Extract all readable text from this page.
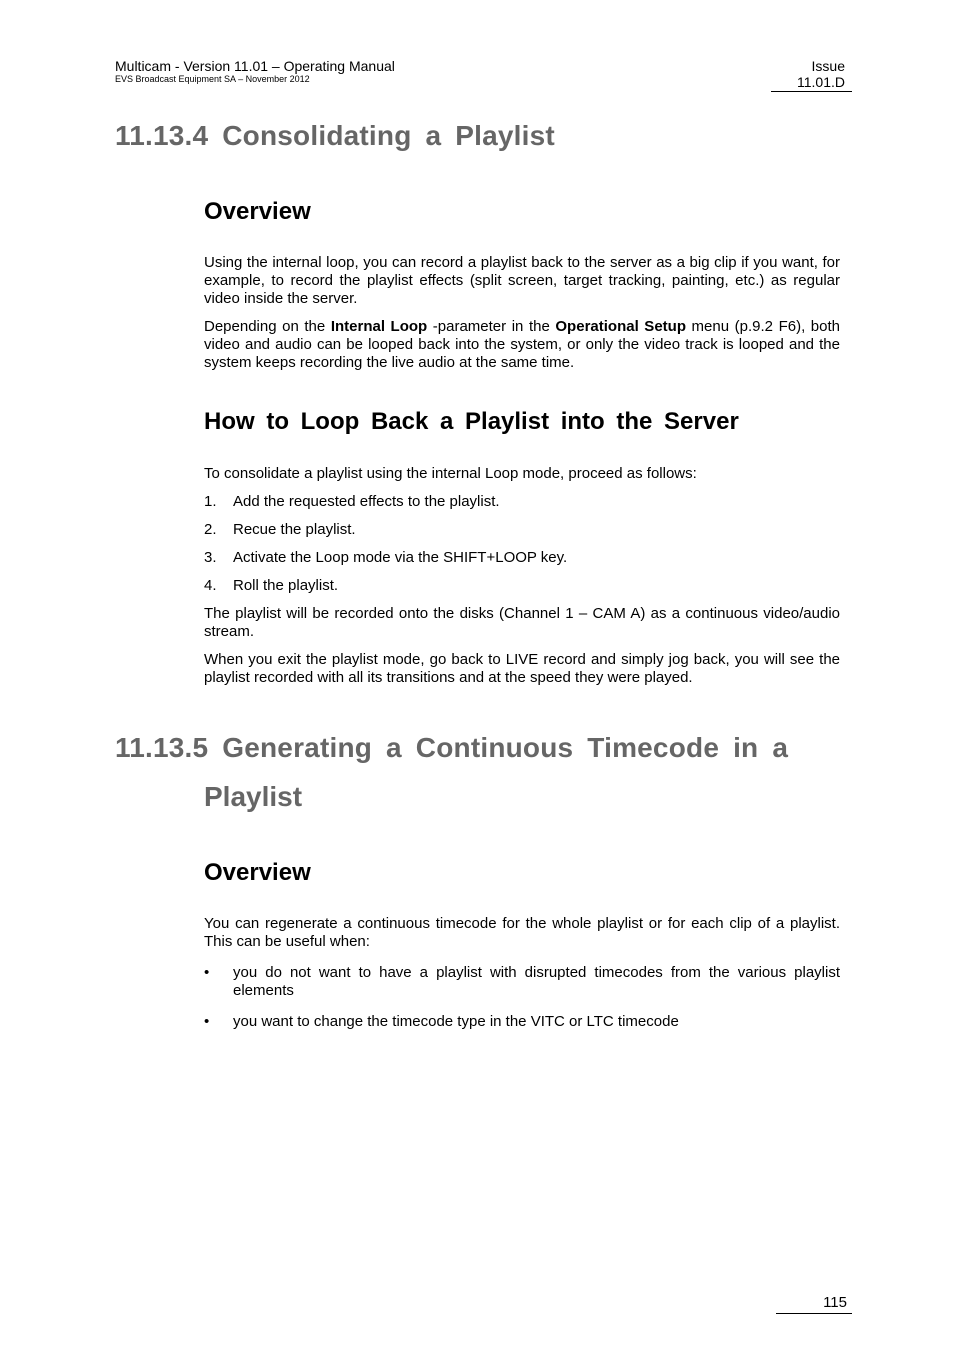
Multicam - Version 11.01 – Operating Manual
EVS Broadcast Equipment SA – November 2012
Issue
11.01.D
11.13.4 Consolidating a Playlist
Overview

Using the internal loop, you can record a playlist back to the server as a big clip if you want, for example, to record the playlist effects (split screen, target tracking, painting, etc.) as regular video inside the server.

Depending on the Internal Loop -parameter in the Operational Setup menu (p.9.2 F6), both video and audio can be looped back into the system, or only the video track is looped and the system keeps recording the live audio at the same time.

How to Loop Back a Playlist into the Server

To consolidate a playlist using the internal Loop mode, proceed as follows:

1. Add the requested effects to the playlist.
2. Recue the playlist.
3. Activate the Loop mode via the SHIFT+LOOP key.
4. Roll the playlist.

The playlist will be recorded onto the disks (Channel 1 – CAM A) as a continuous video/audio stream.

When you exit the playlist mode, go back to LIVE record and simply jog back, you will see the playlist recorded with all its transitions and at the speed they were played.

11.13.5 Generating a Continuous Timecode in a
Playlist
Overview

You can regenerate a continuous timecode for the whole playlist or for each clip of a playlist. This can be useful when:

• you do not want to have a playlist with disrupted timecodes from the various playlist elements
• you want to change the timecode type in the VITC or LTC timecode
115
